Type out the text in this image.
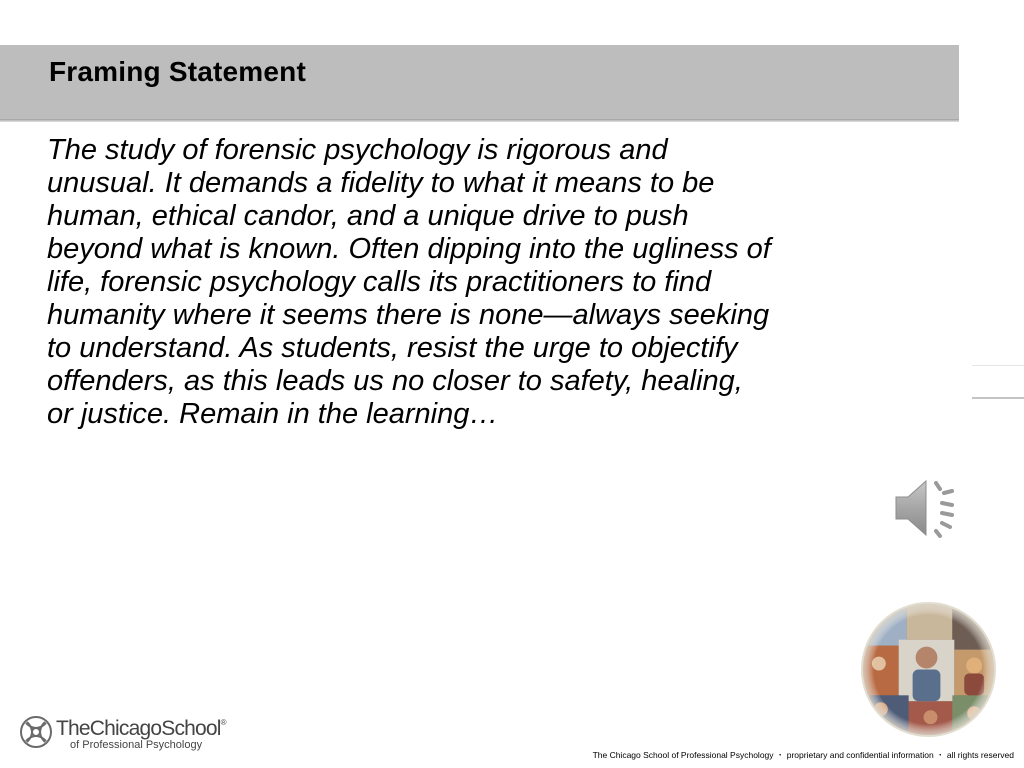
Framing Statement

The study of forensic psychology is rigorous and
unusual. It demands a fidelity to what it means to be
human, ethical candor, and a unique drive to push
beyond what is known. Often dipping into the ugliness of
life, forensic psychology calls its practitioners to find
humanity where it seems there is none—always seeking
to understand. As students, resist the urge to objectify
offenders, as this leads us no closer to safety, healing,
or justice. Remain in the learning…

TheChicagoSchool®
of Professional Psychology
The Chicago School of Professional Psychology ・ proprietary and confidential information ・ all rights reserved
